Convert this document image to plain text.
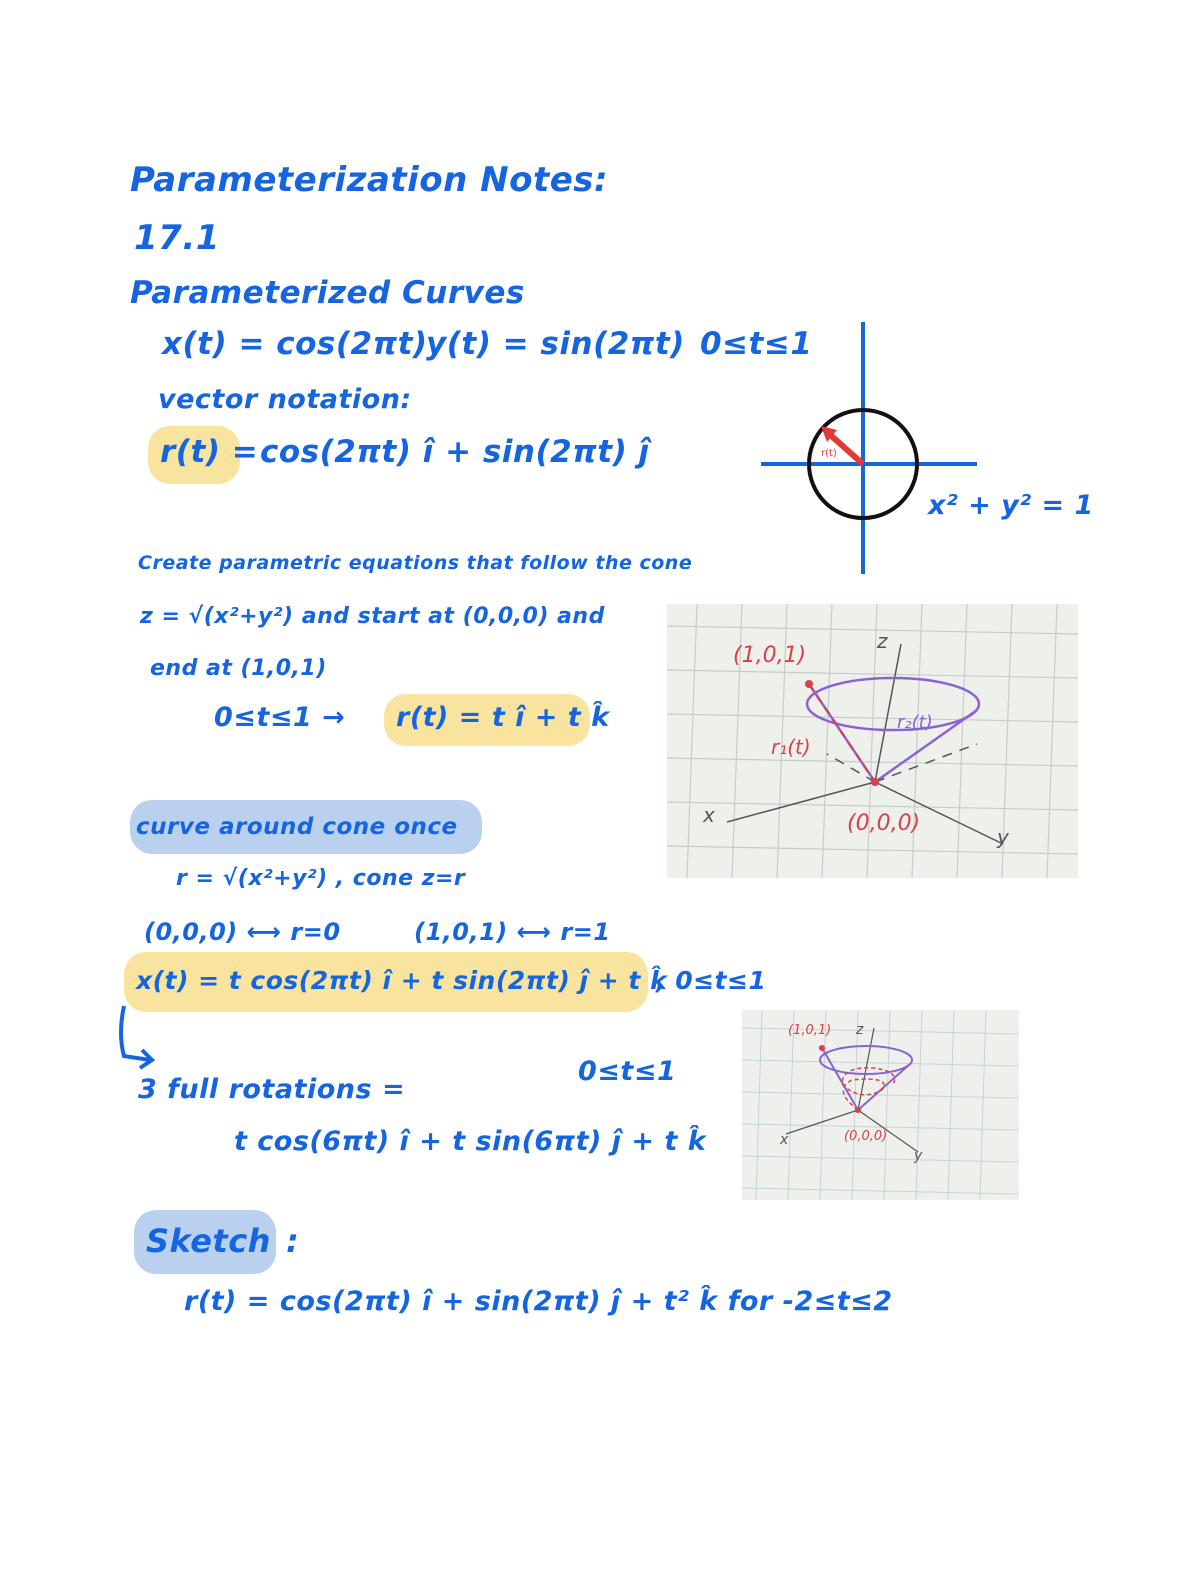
Parameterization Notes:
17.1
Parameterized Curves
x(t) = cos(2πt)
y(t) = sin(2πt) 0≤t≤1
vector notation:
r(t) = cos(2πt) î + sin(2πt) ĵ	r(t)
x² + y² = 1
Create parametric equations that follow the cone
z = √(x²+y²) and start at (0,0,0) and
end at (1,0,1)
0≤t≤1 → r(t) = t î + t k̂
z
x
y
(1,0,1)
(0,0,0)
r₁(t)
r₂(t)
curve around cone once
r = √(x²+y²) , cone z=r
(0,0,0) ⟷ r=0	(1,0,1) ⟷ r=1
x(t) = t cos(2πt) î + t sin(2πt) ĵ + t k̂
, 0≤t≤1
z
x
y
(1,0,1)
(0,0,0)
3 full rotations =
0≤t≤1
t cos(6πt) î + t sin(6πt) ĵ + t k̂
Sketch :
r(t) = cos(2πt) î + sin(2πt) ĵ + t² k̂ for -2≤t≤2
